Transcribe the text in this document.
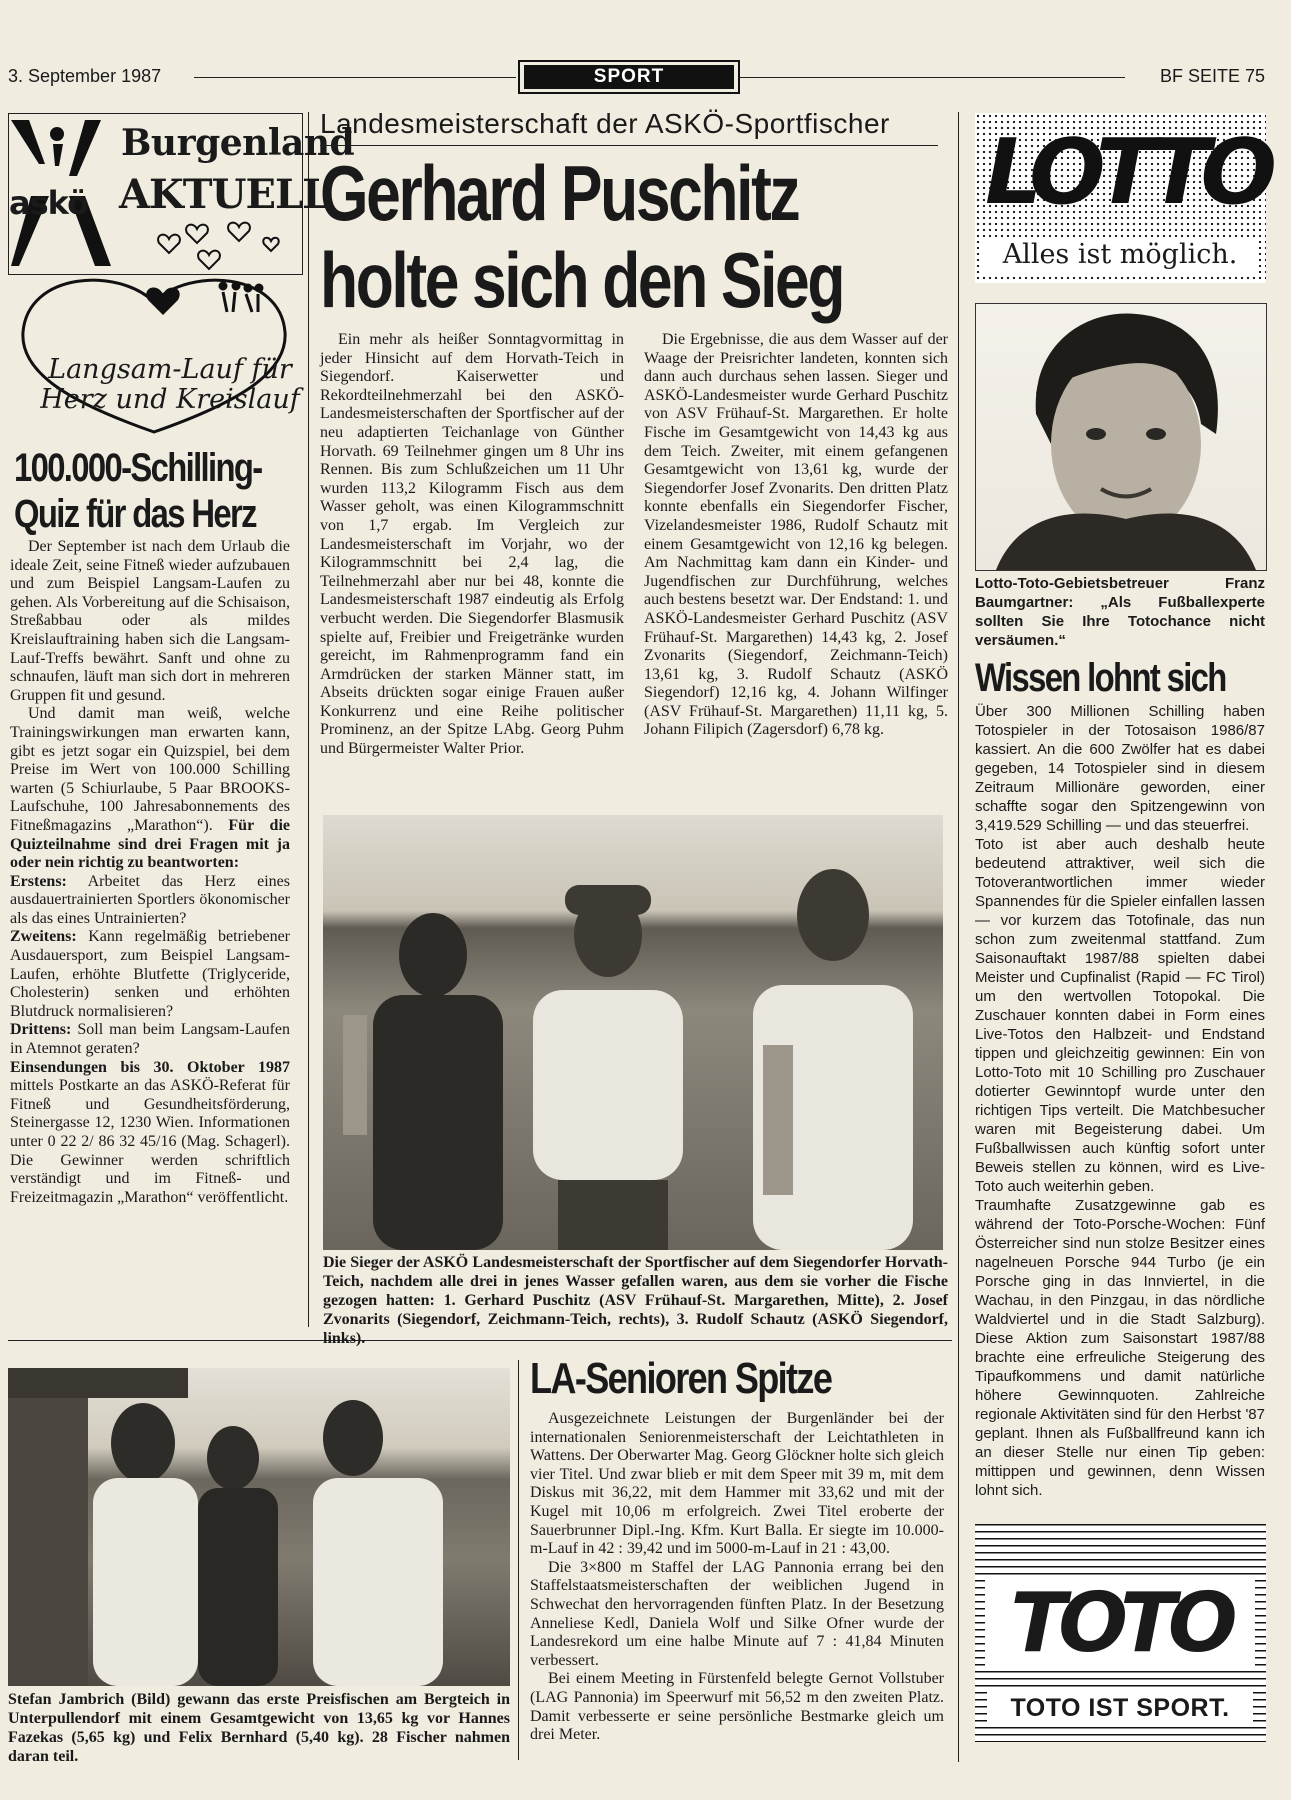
3. September 1987	SPORT	BF SEITE 75
askö
Burgenland
AKTUELL
Langsam-Lauf für
Herz und Kreislauf
100.000-Schilling-
Quiz für das Herz

Der September ist nach dem Urlaub die ideale Zeit, seine Fitneß wieder aufzubauen und zum Beispiel Langsam-Laufen zu gehen. Als Vorbereitung auf die Schisaison, Streßabbau oder als mildes Kreislauftraining haben sich die Langsam-Lauf-Treffs bewährt. Sanft und ohne zu schnaufen, läuft man sich dort in mehreren Gruppen fit und gesund.

Und damit man weiß, welche Trainingswirkungen man erwarten kann, gibt es jetzt sogar ein Quizspiel, bei dem Preise im Wert von 100.000 Schilling warten (5 Schiurlaube, 5 Paar BROOKS-Laufschuhe, 100 Jahresabonnements des Fitneßmagazins „Marathon“). Für die Quizteilnahme sind drei Fragen mit ja oder nein richtig zu beantworten:

Erstens: Arbeitet das Herz eines ausdauertrainierten Sportlers ökonomischer als das eines Untrainierten?

Zweitens: Kann regelmäßig betriebener Ausdauersport, zum Beispiel Langsam-Laufen, erhöhte Blutfette (Triglyceride, Cholesterin) senken und erhöhten Blutdruck normalisieren?

Drittens: Soll man beim Langsam-Laufen in Atemnot geraten?

Einsendungen bis 30. Oktober 1987 mittels Postkarte an das ASKÖ-Referat für Fitneß und Gesundheitsförderung, Steinergasse 12, 1230 Wien. Informationen unter 0 22 2/ 86 32 45/16 (Mag. Schagerl). Die Gewinner werden schriftlich verständigt und im Fitneß- und Freizeitmagazin „Marathon“ veröffentlicht.

Landesmeisterschaft der ASKÖ-Sportfischer
Gerhard Puschitz
holte sich den Sieg

Ein mehr als heißer Sonntagvormittag in jeder Hinsicht auf dem Horvath-Teich in Siegendorf. Kaiserwetter und Rekordteilnehmerzahl bei den ASKÖ-Landesmeisterschaften der Sportfischer auf der neu adaptierten Teichanlage von Günther Horvath. 69 Teilnehmer gingen um 8 Uhr ins Rennen. Bis zum Schlußzeichen um 11 Uhr wurden 113,2 Kilogramm Fisch aus dem Wasser geholt, was einen Kilogrammschnitt von 1,7 ergab. Im Vergleich zur Landesmeisterschaft im Vorjahr, wo der Kilogrammschnitt bei 2,4 lag, die Teilnehmerzahl aber nur bei 48, konnte die Landesmeisterschaft 1987 eindeutig als Erfolg verbucht werden. Die Siegendorfer Blasmusik spielte auf, Freibier und Freigetränke wurden gereicht, im Rahmenprogramm fand ein Armdrücken der starken Männer statt, im Abseits drückten sogar einige Frauen außer Konkurrenz und eine Reihe politischer Prominenz, an der Spitze LAbg. Georg Puhm und Bürgermeister Walter Prior.

Die Ergebnisse, die aus dem Wasser auf der Waage der Preisrichter landeten, konnten sich dann auch durchaus sehen lassen. Sieger und ASKÖ-Landesmeister wurde Gerhard Puschitz von ASV Frühauf-St. Margarethen. Er holte Fische im Gesamtgewicht von 14,43 kg aus dem Teich. Zweiter, mit einem gefangenen Gesamtgewicht von 13,61 kg, wurde der Siegendorfer Josef Zvonarits. Den dritten Platz konnte ebenfalls ein Siegendorfer Fischer, Vizelandesmeister 1986, Rudolf Schautz mit einem Gesamtgewicht von 12,16 kg belegen. Am Nachmittag kam dann ein Kinder- und Jugendfischen zur Durchführung, welches auch bestens besetzt war. Der Endstand: 1. und ASKÖ-Landesmeister Gerhard Puschitz (ASV Frühauf-St. Margarethen) 14,43 kg, 2. Josef Zvonarits (Siegendorf, Zeichmann-Teich) 13,61 kg, 3. Rudolf Schautz (ASKÖ Siegendorf) 12,16 kg, 4. Johann Wilfinger (ASV Frühauf-St. Margarethen) 11,11 kg, 5. Johann Filipich (Zagersdorf) 6,78 kg.

Die Sieger der ASKÖ Landesmeisterschaft der Sportfischer auf dem Siegendorfer Horvath-Teich, nachdem alle drei in jenes Wasser gefallen waren, aus dem sie vorher die Fische gezogen hatten: 1. Gerhard Puschitz (ASV Frühauf-St. Margarethen, Mitte), 2. Josef Zvonarits (Siegendorf, Zeichmann-Teich, rechts), 3. Rudolf Schautz (ASKÖ Siegendorf, links).
Stefan Jambrich (Bild) gewann das erste Preisfischen am Bergteich in Unterpullendorf mit einem Gesamtgewicht von 13,65 kg vor Hannes Fazekas (5,65 kg) und Felix Bernhard (5,40 kg). 28 Fischer nahmen daran teil.
LA-Senioren Spitze

Ausgezeichnete Leistungen der Burgenländer bei der internationalen Seniorenmeisterschaft der Leichtathleten in Wattens. Der Oberwarter Mag. Georg Glöckner holte sich gleich vier Titel. Und zwar blieb er mit dem Speer mit 39 m, mit dem Diskus mit 36,22, mit dem Hammer mit 33,62 und mit der Kugel mit 10,06 m erfolgreich. Zwei Titel eroberte der Sauerbrunner Dipl.-Ing. Kfm. Kurt Balla. Er siegte im 10.000-m-Lauf in 42 : 39,42 und im 5000-m-Lauf in 21 : 43,00.

Die 3×800 m Staffel der LAG Pannonia errang bei den Staffelstaatsmeisterschaften der weiblichen Jugend in Schwechat den hervorragenden fünften Platz. In der Besetzung Anneliese Kedl, Daniela Wolf und Silke Ofner wurde der Landesrekord um eine halbe Minute auf 7 : 41,84 Minuten verbessert.

Bei einem Meeting in Fürstenfeld belegte Gernot Vollstuber (LAG Pannonia) im Speerwurf mit 56,52 m den zweiten Platz. Damit verbesserte er seine persönliche Bestmarke gleich um drei Meter.

LOTTO
Alles ist möglich.
Lotto-Toto-Gebietsbetreuer Franz Baumgartner: „Als Fußballexperte sollten Sie Ihre Totochance nicht versäumen.“
Wissen lohnt sich

Über 300 Millionen Schilling haben Totospieler in der Totosaison 1986/87 kassiert. An die 600 Zwölfer hat es dabei gegeben, 14 Totospieler sind in diesem Zeitraum Millionäre geworden, einer schaffte sogar den Spitzengewinn von 3,419.529 Schilling — und das steuerfrei.

Toto ist aber auch deshalb heute bedeutend attraktiver, weil sich die Totoverantwortlichen immer wieder Spannendes für die Spieler einfallen lassen — vor kurzem das Totofinale, das nun schon zum zweitenmal stattfand. Zum Saisonauftakt 1987/88 spielten dabei Meister und Cupfinalist (Rapid — FC Tirol) um den wertvollen Totopokal. Die Zuschauer konnten dabei in Form eines Live-Totos den Halbzeit- und Endstand tippen und gleichzeitig gewinnen: Ein von Lotto-Toto mit 10 Schilling pro Zuschauer dotierter Gewinntopf wurde unter den richtigen Tips verteilt. Die Matchbesucher waren mit Begeisterung dabei. Um Fußballwissen auch künftig sofort unter Beweis stellen zu können, wird es Live-Toto auch weiterhin geben.

Traumhafte Zusatzgewinne gab es während der Toto-Porsche-Wochen: Fünf Österreicher sind nun stolze Besitzer eines nagelneuen Porsche 944 Turbo (je ein Porsche ging in das Innviertel, in die Wachau, in den Pinzgau, in das nördliche Waldviertel und in die Stadt Salzburg). Diese Aktion zum Saisonstart 1987/88 brachte eine erfreuliche Steigerung des Tipaufkommens und damit natürliche höhere Gewinnquoten. Zahlreiche regionale Aktivitäten sind für den Herbst '87 geplant. Ihnen als Fußballfreund kann ich an dieser Stelle nur einen Tip geben: mittippen und gewinnen, denn Wissen lohnt sich.

TOTO
TOTO IST SPORT.
